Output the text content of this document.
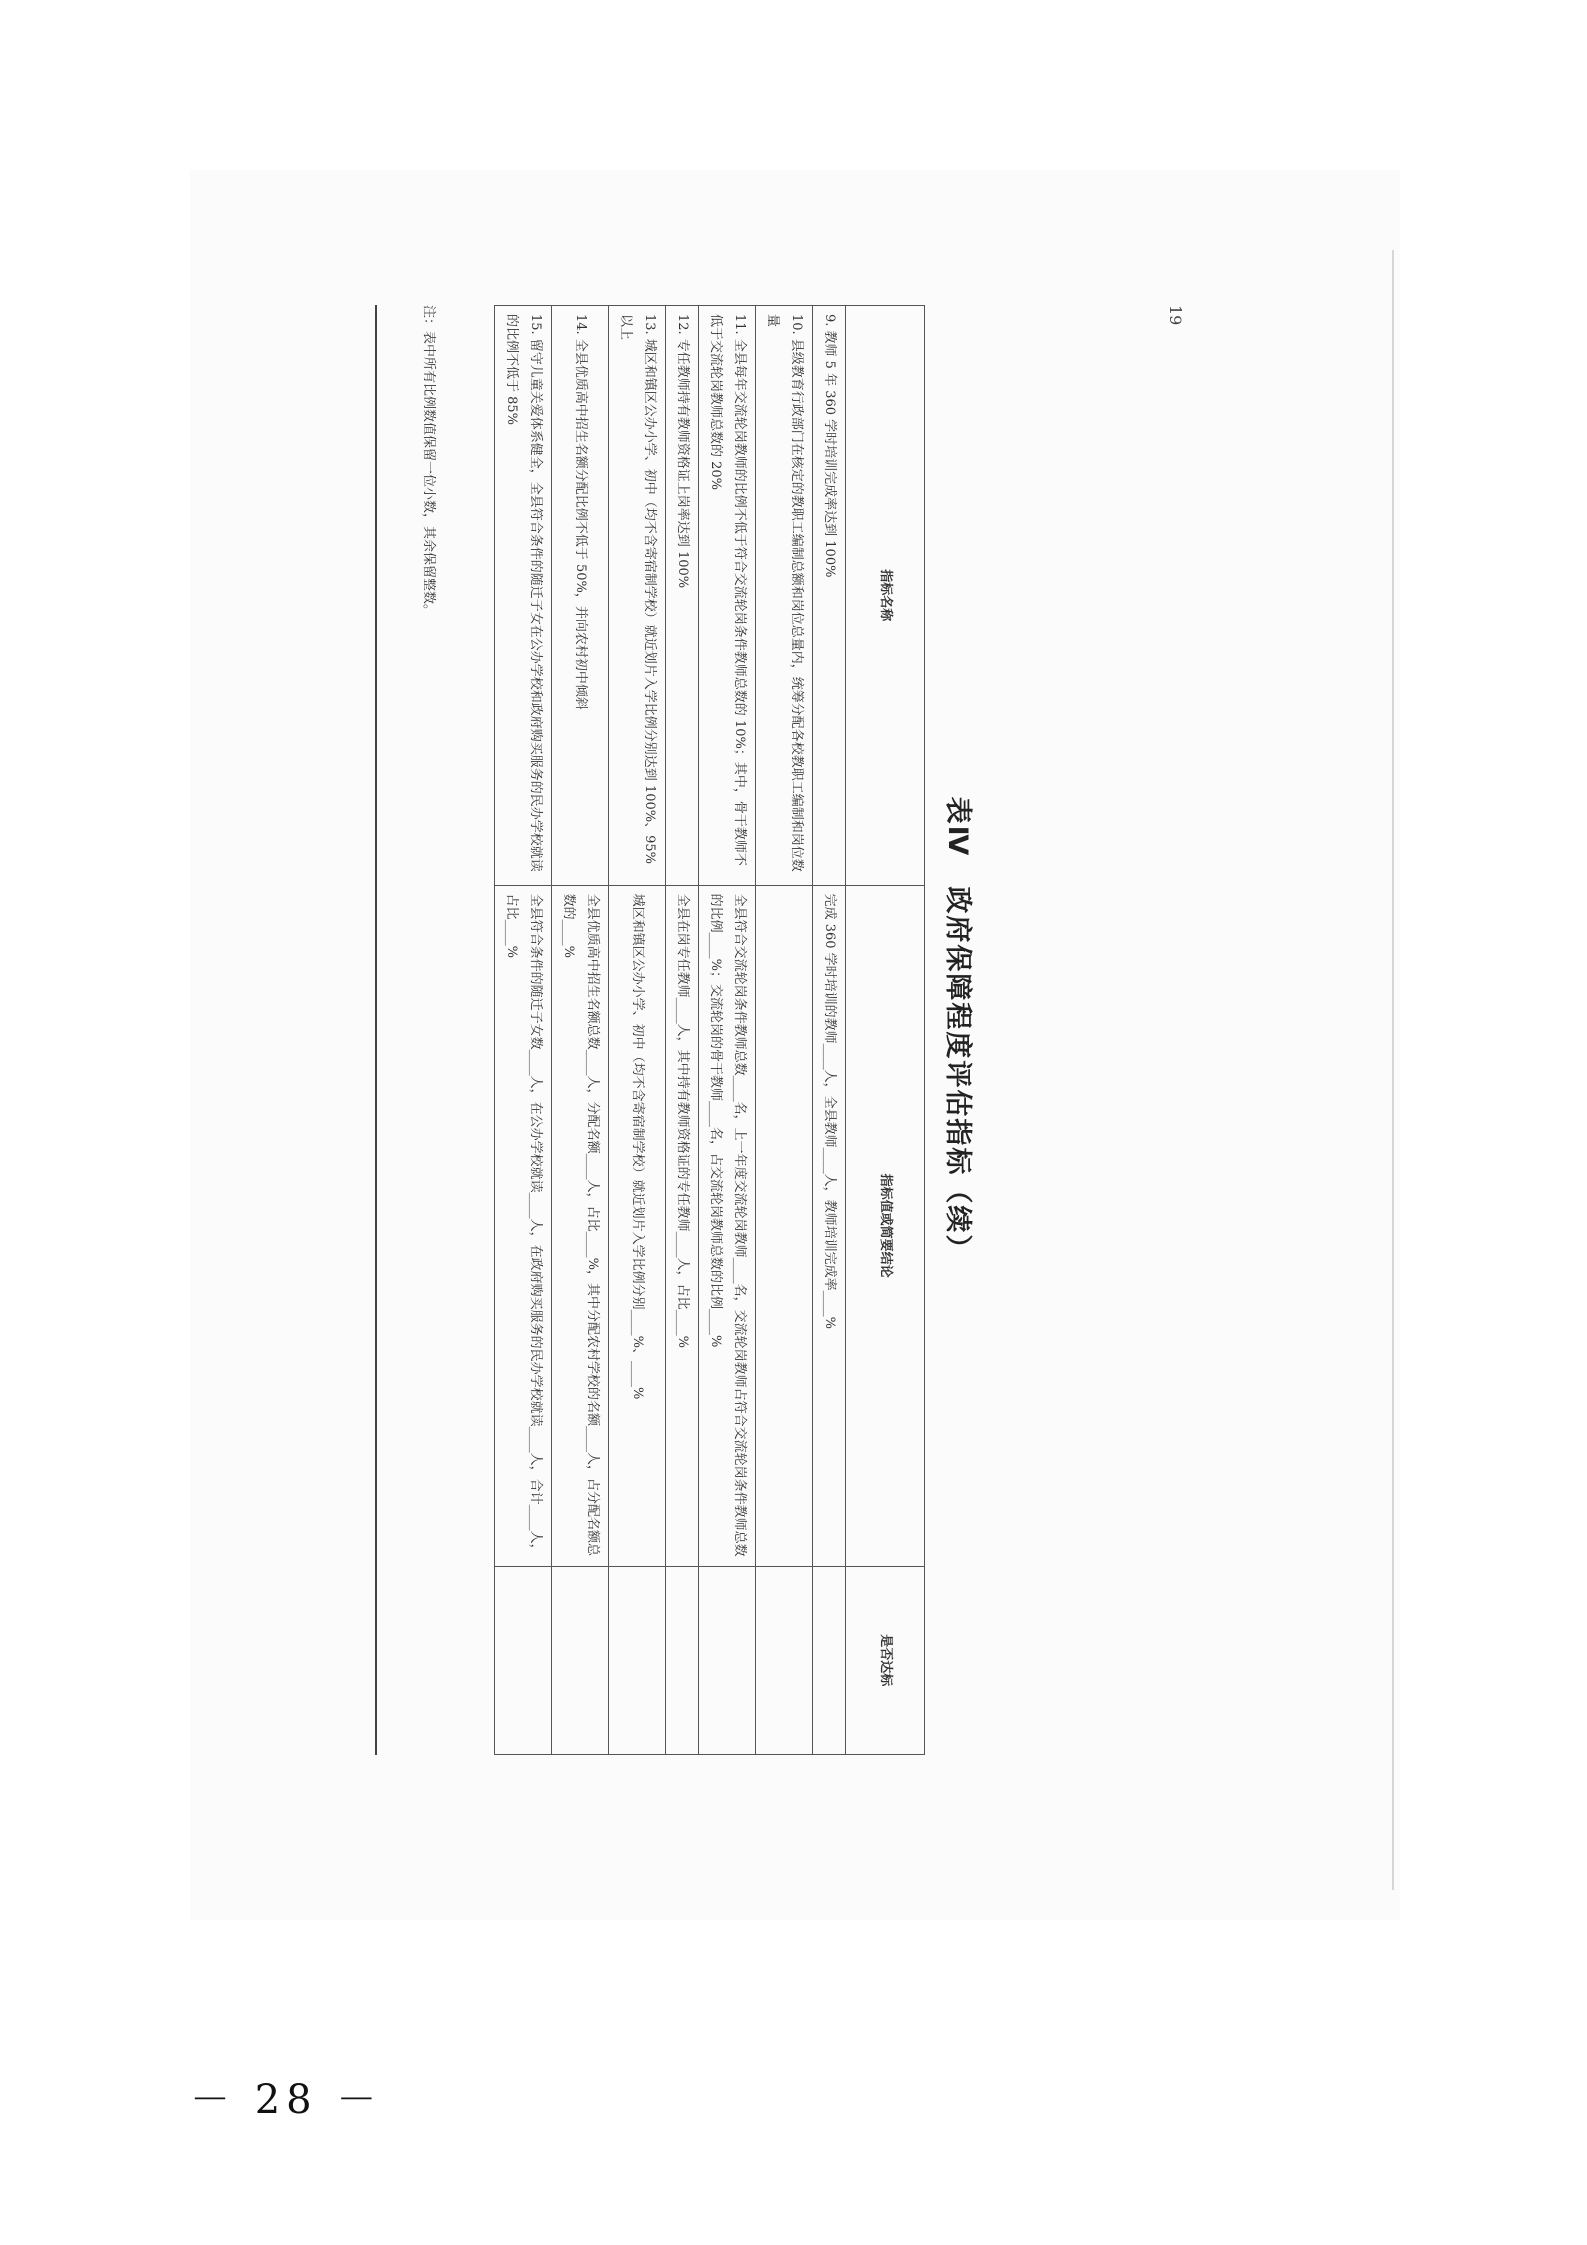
19
表Ⅳ　政府保障程度评估指标（续）
指标名称	指标值或简要结论	是否达标
9. 教师 5 年 360 学时培训完成率达到 100%	完成 360 学时培训的教师____人，全县教师____人，教师培训完成率____%	
10. 县级教育行政部门在核定的教职工编制总额和岗位总量内，统筹分配各校教职工编制和岗位数量		
11. 全县每年交流轮岗教师的比例不低于符合交流轮岗条件教师总数的 10%；其中，骨干教师不低于交流轮岗教师总数的 20%	全县符合交流轮岗条件教师总数____名，上一年度交流轮岗教师____名，交流轮岗教师占符合交流轮岗条件教师总数的比例____%；交流轮岗的骨干教师____名，占交流轮岗教师总数的比例____%	
12. 专任教师持有教师资格证上岗率达到 100%	全县在岗专任教师____人，其中持有教师资格证的专任教师____人，占比____%	
13. 城区和镇区公办小学、初中（均不含寄宿制学校）就近划片入学比例分别达到 100%、95%以上	城区和镇区公办小学、初中（均不含寄宿制学校）就近划片入学比例分别____%、____%	
14. 全县优质高中招生名额分配比例不低于 50%，并向农村初中倾斜	全县优质高中招生名额总数____人，分配名额____人，占比____%，其中分配农村学校的名额____人，占分配名额总数的____%	
15. 留守儿童关爱体系健全，全县符合条件的随迁子女在公办学校和政府购买服务的民办学校就读的比例不低于 85%	全县符合条件的随迁子女数____人，在公办学校就读____人，在政府购买服务的民办学校就读____人，合计____人，占比____%	
注：表中所有比例数值保留一位小数，其余保留整数。
－ 28 －
